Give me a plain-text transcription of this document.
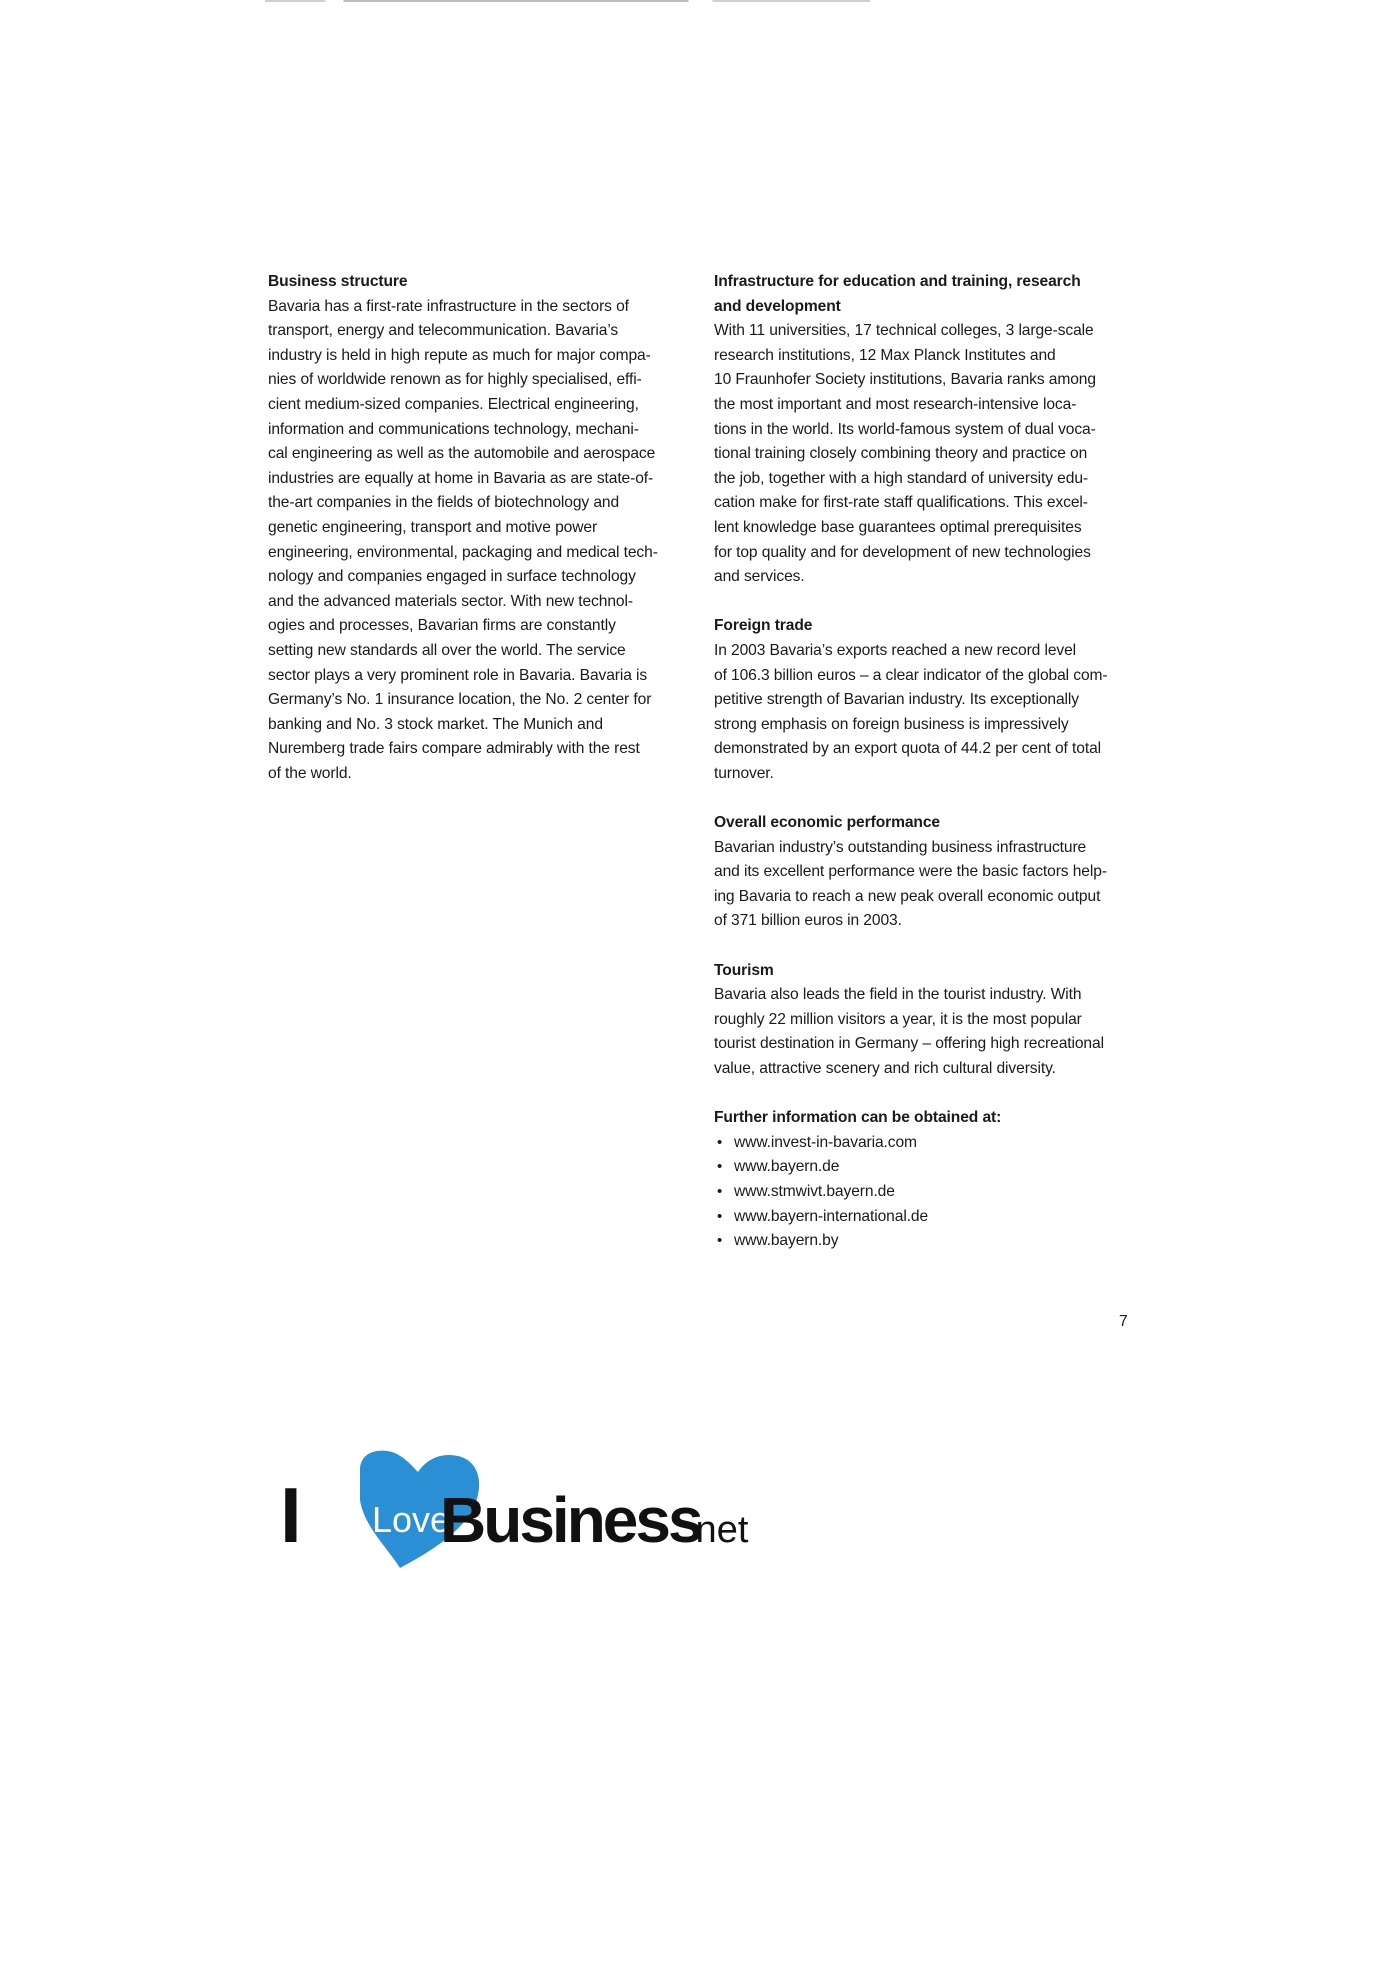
Business structure

Bavaria has a first-rate infrastructure in the sectors of
transport, energy and telecommunication. Bavaria’s
industry is held in high repute as much for major compa-
nies of worldwide renown as for highly specialised, effi-
cient medium-sized companies. Electrical engineering,
information and communications technology, mechani-
cal engineering as well as the automobile and aerospace
industries are equally at home in Bavaria as are state-of-
the-art companies in the fields of biotechnology and
genetic engineering, transport and motive power
engineering, environmental, packaging and medical tech-
nology and companies engaged in surface technology
and the advanced materials sector. With new technol-
ogies and processes, Bavarian firms are constantly
setting new standards all over the world. The service
sector plays a very prominent role in Bavaria. Bavaria is
Germany’s No. 1 insurance location, the No. 2 center for
banking and No. 3 stock market. The Munich and
Nuremberg trade fairs compare admirably with the rest
of the world.

Infrastructure for education and training, research
and development

With 11 universities, 17 technical colleges, 3 large-scale
research institutions, 12 Max Planck Institutes and
10 Fraunhofer Society institutions, Bavaria ranks among
the most important and most research-intensive loca-
tions in the world. Its world-famous system of dual voca-
tional training closely combining theory and practice on
the job, together with a high standard of university edu-
cation make for first-rate staff qualifications. This excel-
lent knowledge base guarantees optimal prerequisites
for top quality and for development of new technologies
and services.

Foreign trade

In 2003 Bavaria’s exports reached a new record level
of 106.3 billion euros – a clear indicator of the global com-
petitive strength of Bavarian industry. Its exceptionally
strong emphasis on foreign business is impressively
demonstrated by an export quota of 44.2 per cent of total
turnover.

Overall economic performance

Bavarian industry’s outstanding business infrastructure
and its excellent performance were the basic factors help-
ing Bavaria to reach a new peak overall economic output
of 371 billion euros in 2003.

Tourism

Bavaria also leads the field in the tourist industry. With
roughly 22 million visitors a year, it is the most popular
tourist destination in Germany – offering high recreational
value, attractive scenery and rich cultural diversity.

Further information can be obtained at:
• www.invest-in-bavaria.com
• www.bayern.de
• www.stmwivt.bayern.de
• www.bayern-international.de
• www.bayern.by
7
I Love
Business
.net
